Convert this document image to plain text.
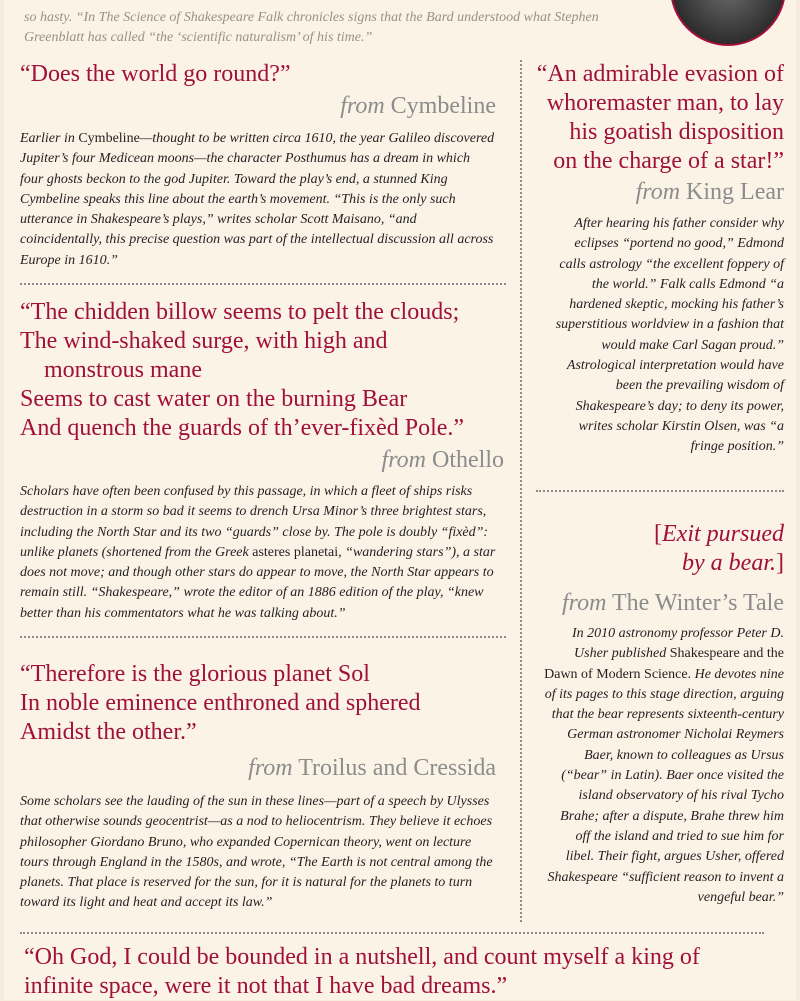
so hasty. “In The Science of Shakespeare Falk chronicles signs that the Bard understood what Stephen Greenblatt has called “the ‘scientific naturalism’ of his time.”

“Does the world go round?”

from Cymbeline

Earlier in Cymbeline—thought to be written circa 1610, the year Galileo discovered Jupiter’s four Medicean moons—the character Posthumus has a dream in which four ghosts beckon to the god Jupiter. Toward the play’s end, a stunned King Cymbeline speaks this line about the earth’s movement. “This is the only such utterance in Shakespeare’s plays,” writes scholar Scott Maisano, “and coincidentally, this precise question was part of the intellectual discussion all across Europe in 1610.”

“The chidden billow seems to pelt the clouds;
The wind-shaked surge, with high and

monstrous mane
Seems to cast water on the burning Bear
And quench the guards of th’ever-fixèd Pole.”

from Othello

Scholars have often been confused by this passage, in which a fleet of ships risks destruction in a storm so bad it seems to drench Ursa Minor’s three brightest stars, including the North Star and its two “guards” close by. The pole is doubly “fixèd”: unlike planets (shortened from the Greek asteres planetai, “wandering stars”), a star does not move; and though other stars do appear to move, the North Star appears to remain still. “Shakespeare,” wrote the editor of an 1886 edition of the play, “knew better than his commentators what he was talking about.”

“Therefore is the glorious planet Sol
In noble eminence enthroned and sphered
Amidst the other.”

from Troilus and Cressida

Some scholars see the lauding of the sun in these lines—part of a speech by Ulysses that otherwise sounds geocentrist—as a nod to heliocentrism. They believe it echoes philosopher Giordano Bruno, who expanded Copernican theory, went on lecture tours through England in the 1580s, and wrote, “The Earth is not central among the planets. That place is reserved for the sun, for it is natural for the planets to turn toward its light and heat and accept its law.”

“An admirable evasion of
whoremaster man, to lay
his goatish disposition
on the charge of a star!”

from King Lear

After hearing his father consider why eclipses “portend no good,” Edmond calls astrology “the excellent foppery of the world.” Falk calls Edmond “a hardened skeptic, mocking his father’s superstitious worldview in a fashion that would make Carl Sagan proud.” Astrological interpretation would have been the prevailing wisdom of Shakespeare’s day; to deny its power, writes scholar Kirstin Olsen, was “a fringe position.”

[Exit pursued
by a bear.]

from The Winter’s Tale

In 2010 astronomy professor Peter D. Usher published Shakespeare and the Dawn of Modern Science. He devotes nine of its pages to this stage direction, arguing that the bear represents sixteenth-century German astronomer Nicholai Reymers Baer, known to colleagues as Ursus (“bear” in Latin). Baer once visited the island observatory of his rival Tycho Brahe; after a dispute, Brahe threw him off the island and tried to sue him for libel. Their fight, argues Usher, offered Shakespeare “sufficient reason to invent a vengeful bear.”

“Oh God, I could be bounded in a nutshell, and count myself a king of infinite space, were it not that I have bad dreams.”
